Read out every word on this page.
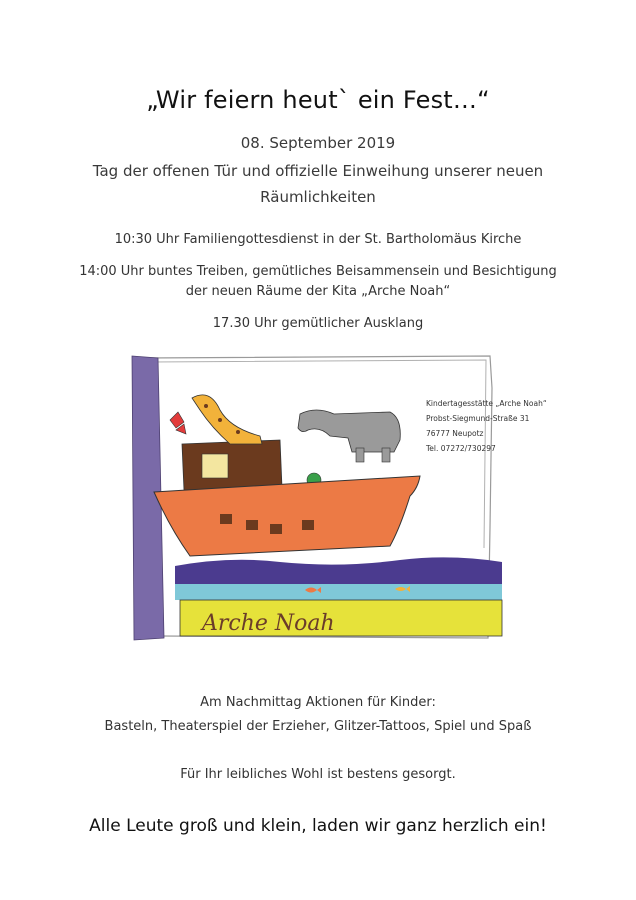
„Wir feiern heut` ein Fest…“
08. September 2019
Tag der offenen Tür und offizielle Einweihung unserer neuen
Räumlichkeiten
10:30 Uhr Familiengottesdienst in der St. Bartholomäus Kirche
14:00 Uhr buntes Treiben, gemütliches Beisammensein und Besichtigung
der neuen Räume der Kita „Arche Noah“
17.30 Uhr gemütlicher Ausklang
Arche Noah
Kindertagesstätte „Arche Noah“
Probst-Siegmund-Straße 31
76777 Neupotz
Tel. 07272/730297
Am Nachmittag Aktionen für Kinder:
Basteln, Theaterspiel der Erzieher, Glitzer-Tattoos, Spiel und Spaß
Für Ihr leibliches Wohl ist bestens gesorgt.
Alle Leute groß und klein, laden wir ganz herzlich ein!
